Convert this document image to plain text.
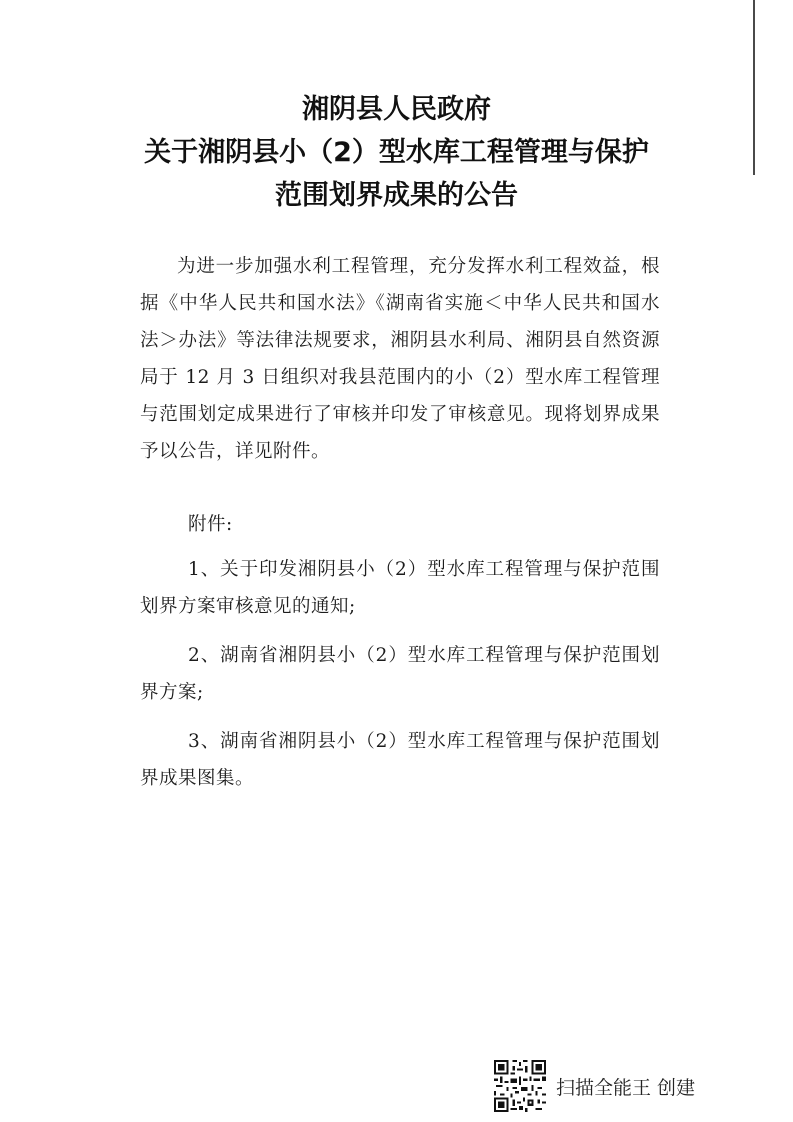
湘阴县人民政府
关于湘阴县小（2）型水库工程管理与保护
范围划界成果的公告
为进一步加强水利工程管理，充分发挥水利工程效益，根据《中华人民共和国水法》《湖南省实施＜中华人民共和国水法＞办法》等法律法规要求，湘阴县水利局、湘阴县自然资源局于 12 月 3 日组织对我县范围内的小（2）型水库工程管理与范围划定成果进行了审核并印发了审核意见。现将划界成果予以公告，详见附件。
附件:
1、关于印发湘阴县小（2）型水库工程管理与保护范围划界方案审核意见的通知;
2、湖南省湘阴县小（2）型水库工程管理与保护范围划界方案;
3、湖南省湘阴县小（2）型水库工程管理与保护范围划界成果图集。
扫描全能王 创建
